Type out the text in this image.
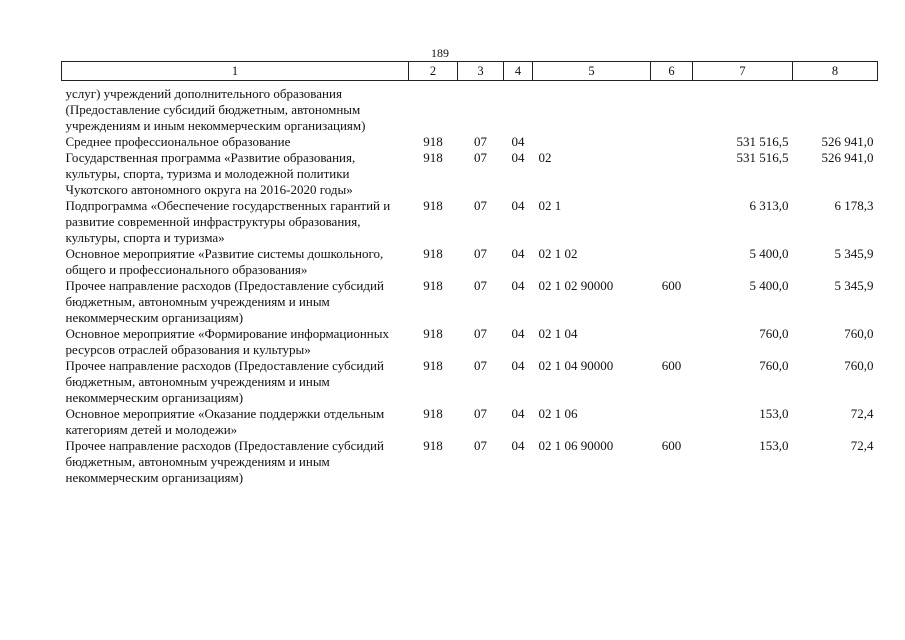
189
1	2	3	4	5	6	7	8
услуг) учреждений дополнительного образования (Предоставление субсидий бюджетным, автономным учреждениям и иным некоммерческим организациям)							
Среднее профессиональное образование	918	07	04			531 516,5	526 941,0
Государственная программа «Развитие образования, культуры, спорта, туризма и молодежной политики Чукотского автономного округа на 2016-2020 годы»	918	07	04	02		531 516,5	526 941,0
Подпрограмма «Обеспечение государственных гарантий и развитие современной инфраструктуры образования, культуры, спорта и туризма»	918	07	04	02 1		6 313,0	6 178,3
Основное мероприятие «Развитие системы дошкольного, общего и профессионального образования»	918	07	04	02 1 02		5 400,0	5 345,9
Прочее направление расходов (Предоставление субсидий бюджетным, автономным учреждениям и иным некоммерческим организациям)	918	07	04	02 1 02 90000	600	5 400,0	5 345,9
Основное мероприятие «Формирование информационных ресурсов отраслей образования и культуры»	918	07	04	02 1 04		760,0	760,0
Прочее направление расходов (Предоставление субсидий бюджетным, автономным учреждениям и иным некоммерческим организациям)	918	07	04	02 1 04 90000	600	760,0	760,0
Основное мероприятие «Оказание поддержки отдельным категориям детей и молодежи»	918	07	04	02 1 06		153,0	72,4
Прочее направление расходов (Предоставление субсидий бюджетным, автономным учреждениям и иным некоммерческим организациям)	918	07	04	02 1 06 90000	600	153,0	72,4
